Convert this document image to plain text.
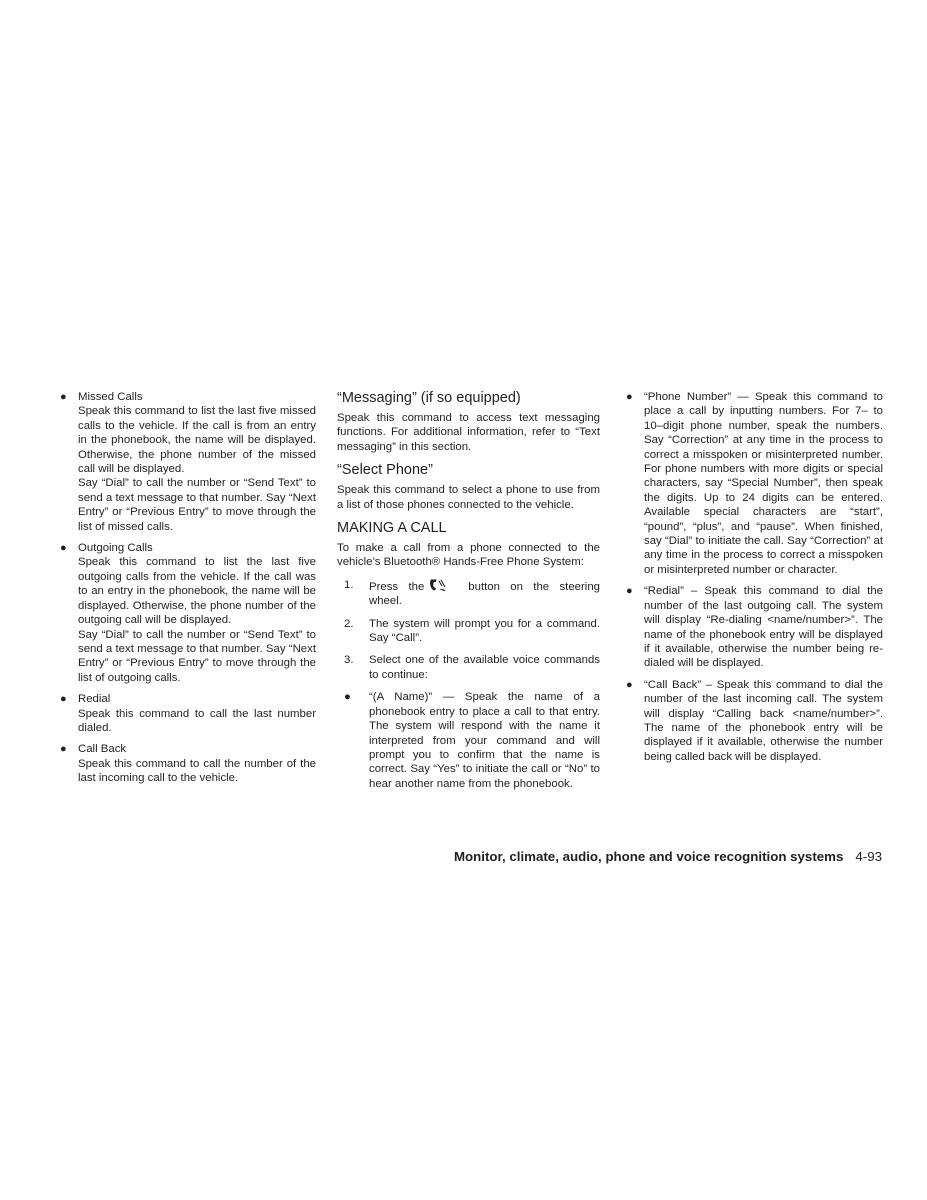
● Missed Calls

Speak this command to list the last five missed calls to the vehicle. If the call is from an entry in the phonebook, the name will be displayed. Otherwise, the phone number of the missed call will be displayed.

Say “Dial” to call the number or “Send Text” to send a text message to that number. Say “Next Entry” or “Previous Entry” to move through the list of missed calls.

● Outgoing Calls

Speak this command to list the last five outgoing calls from the vehicle. If the call was to an entry in the phonebook, the name will be displayed. Otherwise, the phone number of the outgoing call will be displayed.

Say “Dial” to call the number or “Send Text” to send a text message to that number. Say “Next Entry” or “Previous Entry” to move through the list of outgoing calls.

● Redial

Speak this command to call the last number dialed.

● Call Back

Speak this command to call the number of the last incoming call to the vehicle.

“Messaging” (if so equipped)

Speak this command to access text messaging functions. For additional information, refer to “Text messaging” in this section.

“Select Phone”

Speak this command to select a phone to use from a list of those phones connected to the vehicle.

MAKING A CALL

To make a call from a phone connected to the vehicle’s Bluetooth® Hands-Free Phone System:

1. Press the	button on the steering wheel.

2. The system will prompt you for a command. Say “Call”.

3. Select one of the available voice commands to continue:

● “(A Name)” — Speak the name of a phonebook entry to place a call to that entry. The system will respond with the name it interpreted from your command and will prompt you to confirm that the name is correct. Say “Yes” to initiate the call or “No” to hear another name from the phonebook.

● “Phone Number” — Speak this command to place a call by inputting numbers. For 7– to 10–digit phone number, speak the numbers. Say “Correction” at any time in the process to correct a misspoken or misinterpreted number. For phone numbers with more digits or special characters, say “Special Number”, then speak the digits. Up to 24 digits can be entered. Available special characters are “start”, “pound”, “plus”, and “pause”. When finished, say “Dial” to initiate the call. Say “Correction” at any time in the process to correct a misspoken or misinterpreted number or character.

● “Redial” – Speak this command to dial the number of the last outgoing call. The system will display “Re-dialing <name/number>”. The name of the phonebook entry will be displayed if it available, otherwise the number being re-dialed will be displayed.

● “Call Back” – Speak this command to dial the number of the last incoming call. The system will display “Calling back <name/number>”. The name of the phonebook entry will be displayed if it available, otherwise the number being called back will be displayed.

Monitor, climate, audio, phone and voice recognition systems 4-93
